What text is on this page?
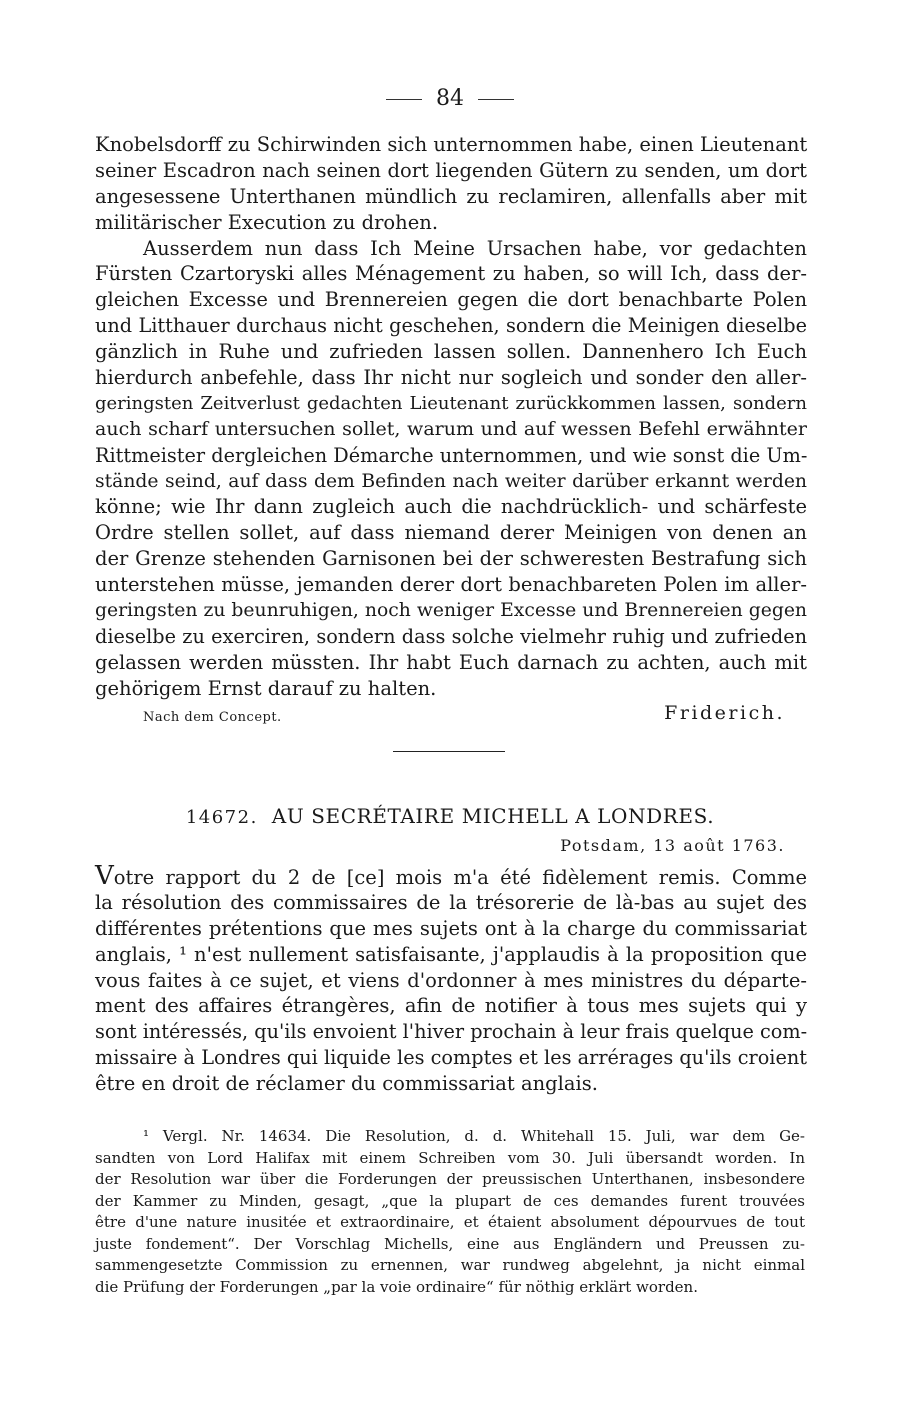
84
Knobelsdorff zu Schirwinden sich unternommen habe, einen Lieutenant
seiner Escadron nach seinen dort liegenden Gütern zu senden, um dort
angesessene Unterthanen mündlich zu reclamiren, allenfalls aber mit
militärischer Execution zu drohen.
Ausserdem nun dass Ich Meine Ursachen habe, vor gedachten
Fürsten Czartoryski alles Ménagement zu haben, so will Ich, dass der-
gleichen Excesse und Brennereien gegen die dort benachbarte Polen
und Litthauer durchaus nicht geschehen, sondern die Meinigen dieselbe
gänzlich in Ruhe und zufrieden lassen sollen. Dannenhero Ich Euch
hierdurch anbefehle, dass Ihr nicht nur sogleich und sonder den aller-
geringsten Zeitverlust gedachten Lieutenant zurückkommen lassen, sondern
auch scharf untersuchen sollet, warum und auf wessen Befehl erwähnter
Rittmeister dergleichen Démarche unternommen, und wie sonst die Um-
stände seind, auf dass dem Befinden nach weiter darüber erkannt werden
könne; wie Ihr dann zugleich auch die nachdrücklich- und schärfeste
Ordre stellen sollet, auf dass niemand derer Meinigen von denen an
der Grenze stehenden Garnisonen bei der schweresten Bestrafung sich
unterstehen müsse, jemanden derer dort benachbareten Polen im aller-
geringsten zu beunruhigen, noch weniger Excesse und Brennereien gegen
dieselbe zu exerciren, sondern dass solche vielmehr ruhig und zufrieden
gelassen werden müssten. Ihr habt Euch darnach zu achten, auch mit
gehörigem Ernst darauf zu halten.
Nach dem Concept.	Friderich.
14672. AU SECRÉTAIRE MICHELL A LONDRES.
Potsdam, 13 août 1763.
Votre rapport du 2 de [ce] mois m'a été fidèlement remis. Comme
la résolution des commissaires de la trésorerie de là-bas au sujet des
différentes prétentions que mes sujets ont à la charge du commissariat
anglais, ¹ n'est nullement satisfaisante, j'applaudis à la proposition que
vous faites à ce sujet, et viens d'ordonner à mes ministres du départe-
ment des affaires étrangères, afin de notifier à tous mes sujets qui y
sont intéressés, qu'ils envoient l'hiver prochain à leur frais quelque com-
missaire à Londres qui liquide les comptes et les arrérages qu'ils croient
être en droit de réclamer du commissariat anglais.
¹ Vergl. Nr. 14634. Die Resolution, d. d. Whitehall 15. Juli, war dem Ge-
sandten von Lord Halifax mit einem Schreiben vom 30. Juli übersandt worden. In
der Resolution war über die Forderungen der preussischen Unterthanen, insbesondere
der Kammer zu Minden, gesagt, „que la plupart de ces demandes furent trouvées
être d'une nature inusitée et extraordinaire, et étaient absolument dépourvues de tout
juste fondement“. Der Vorschlag Michells, eine aus Engländern und Preussen zu-
sammengesetzte Commission zu ernennen, war rundweg abgelehnt, ja nicht einmal
die Prüfung der Forderungen „par la voie ordinaire“ für nöthig erklärt worden.
